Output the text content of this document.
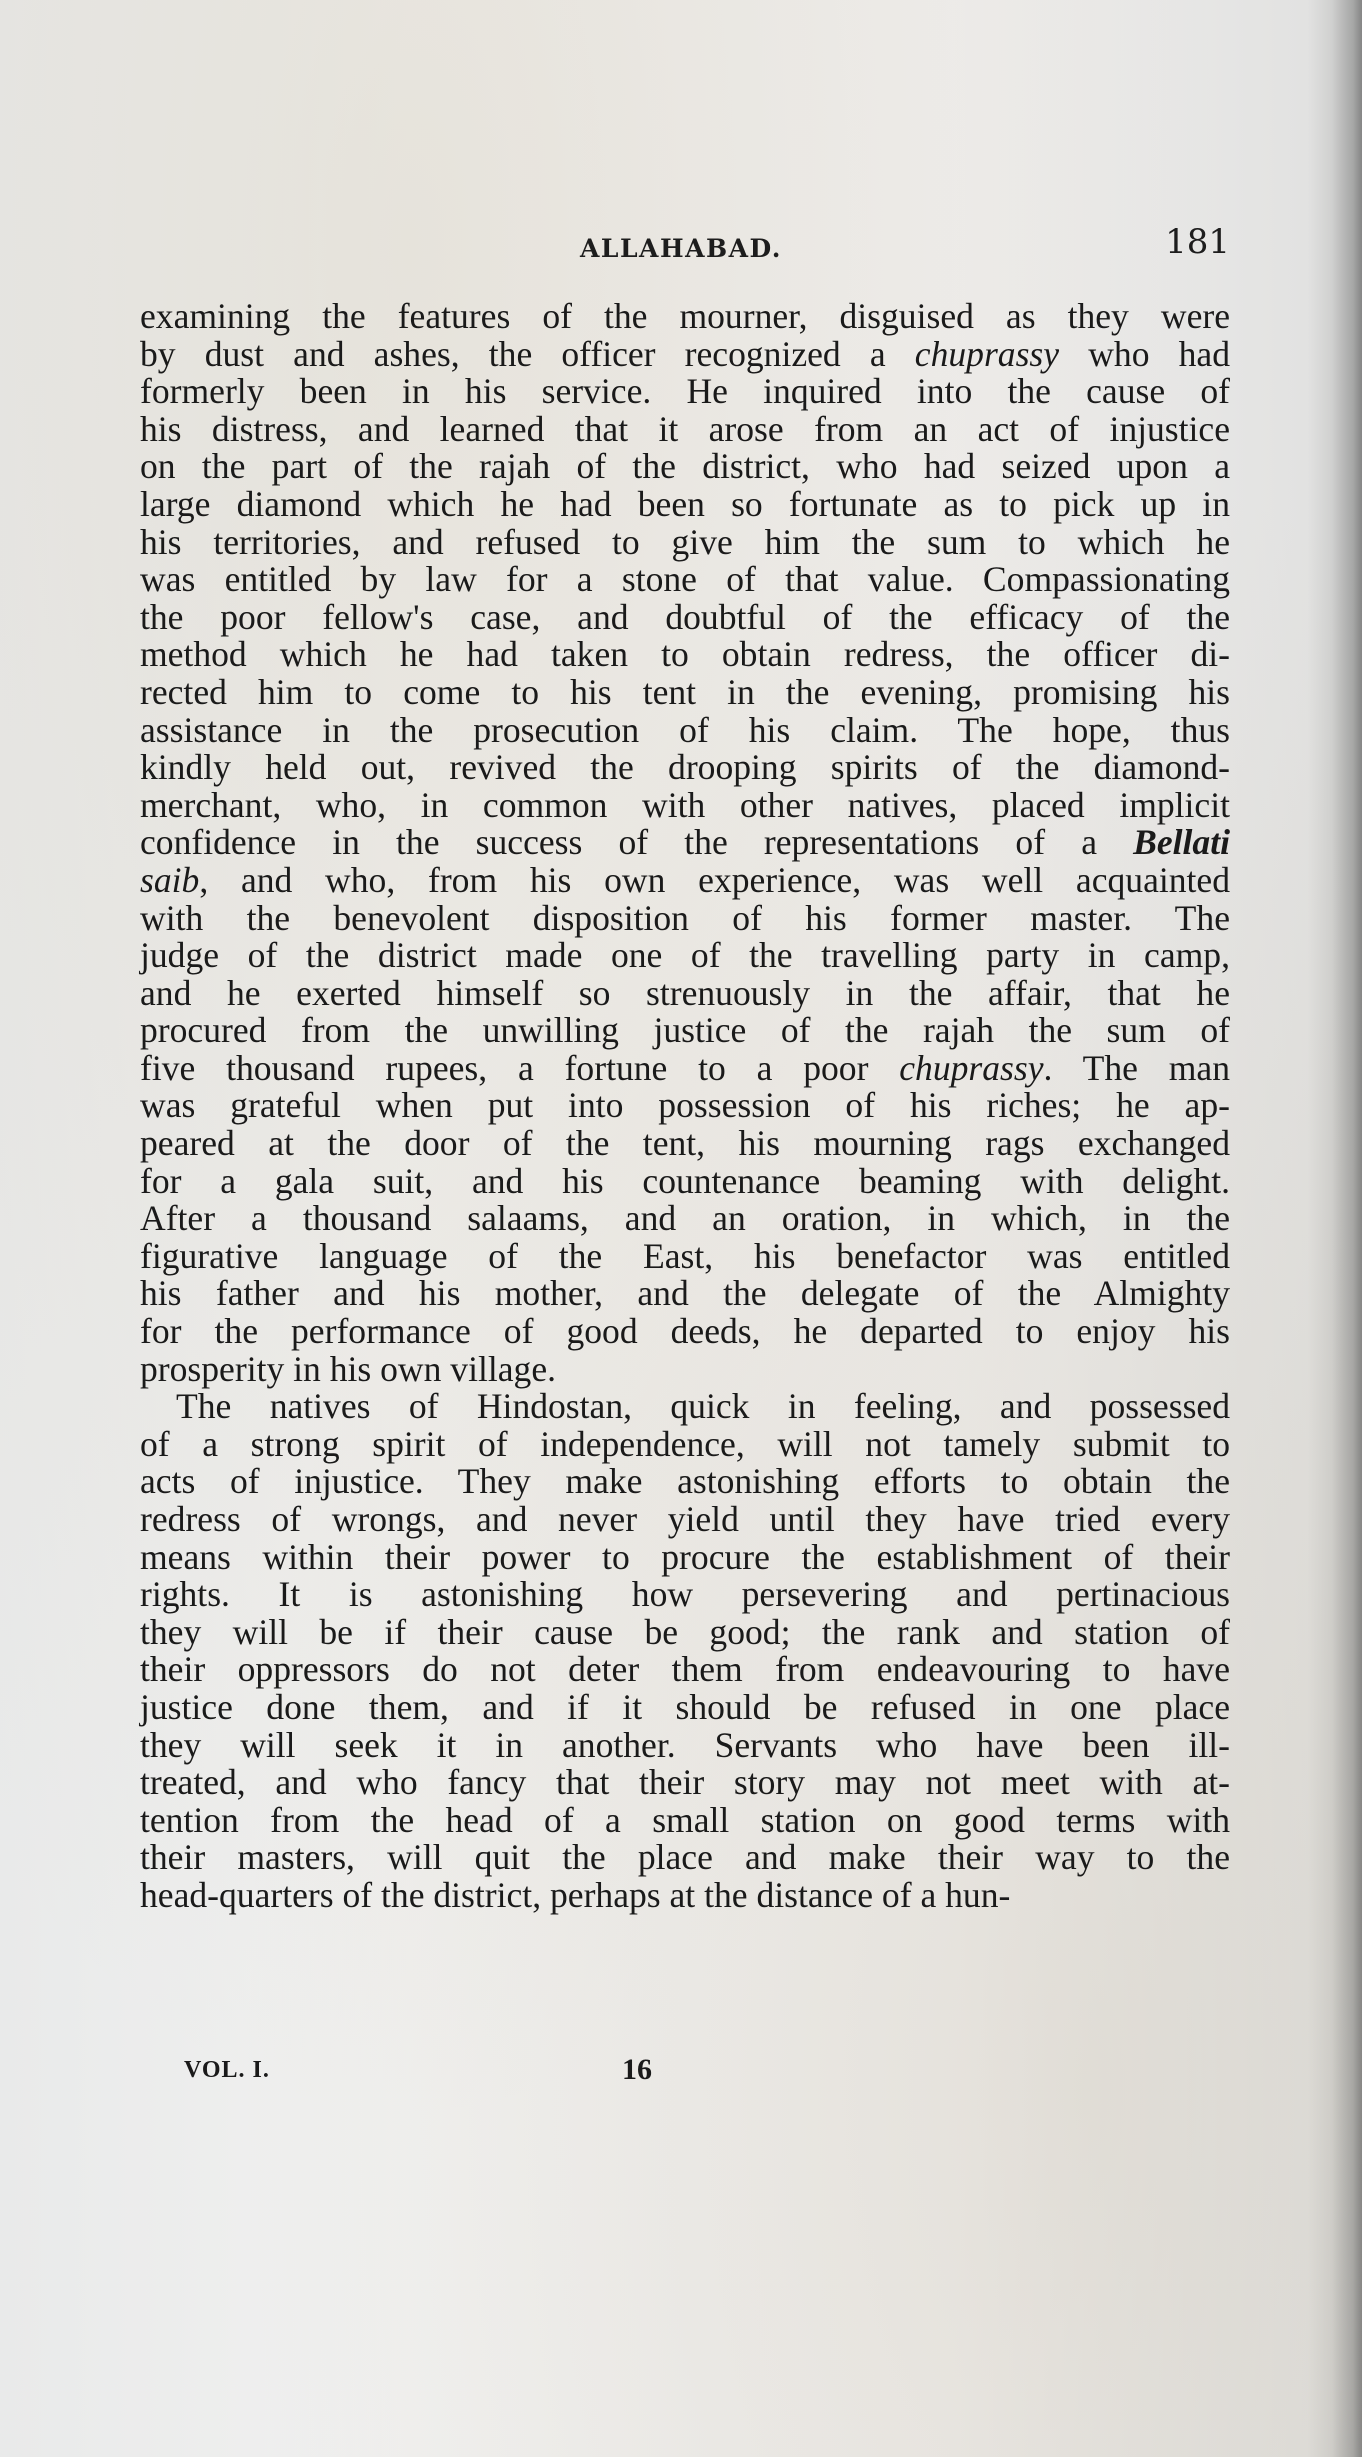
ALLAHABAD.	181
examining the features of the mourner, disguised as they were
by dust and ashes, the officer recognized a chuprassy who had
formerly been in his service. He inquired into the cause of
his distress, and learned that it arose from an act of injustice
on the part of the rajah of the district, who had seized upon a
large diamond which he had been so fortunate as to pick up in
his territories, and refused to give him the sum to which he
was entitled by law for a stone of that value. Compassionating
the poor fellow's case, and doubtful of the efficacy of the
method which he had taken to obtain redress, the officer di-
rected him to come to his tent in the evening, promising his
assistance in the prosecution of his claim. The hope, thus
kindly held out, revived the drooping spirits of the diamond-
merchant, who, in common with other natives, placed implicit
confidence in the success of the representations of a Bellati
saib, and who, from his own experience, was well acquainted
with the benevolent disposition of his former master. The
judge of the district made one of the travelling party in camp,
and he exerted himself so strenuously in the affair, that he
procured from the unwilling justice of the rajah the sum of
five thousand rupees, a fortune to a poor chuprassy. The man
was grateful when put into possession of his riches; he ap-
peared at the door of the tent, his mourning rags exchanged
for a gala suit, and his countenance beaming with delight.
After a thousand salaams, and an oration, in which, in the
figurative language of the East, his benefactor was entitled
his father and his mother, and the delegate of the Almighty
for the performance of good deeds, he departed to enjoy his
prosperity in his own village.
The natives of Hindostan, quick in feeling, and possessed
of a strong spirit of independence, will not tamely submit to
acts of injustice. They make astonishing efforts to obtain the
redress of wrongs, and never yield until they have tried every
means within their power to procure the establishment of their
rights. It is astonishing how persevering and pertinacious
they will be if their cause be good; the rank and station of
their oppressors do not deter them from endeavouring to have
justice done them, and if it should be refused in one place
they will seek it in another. Servants who have been ill-
treated, and who fancy that their story may not meet with at-
tention from the head of a small station on good terms with
their masters, will quit the place and make their way to the
head-quarters of the district, perhaps at the distance of a hun-
VOL. I.	16
